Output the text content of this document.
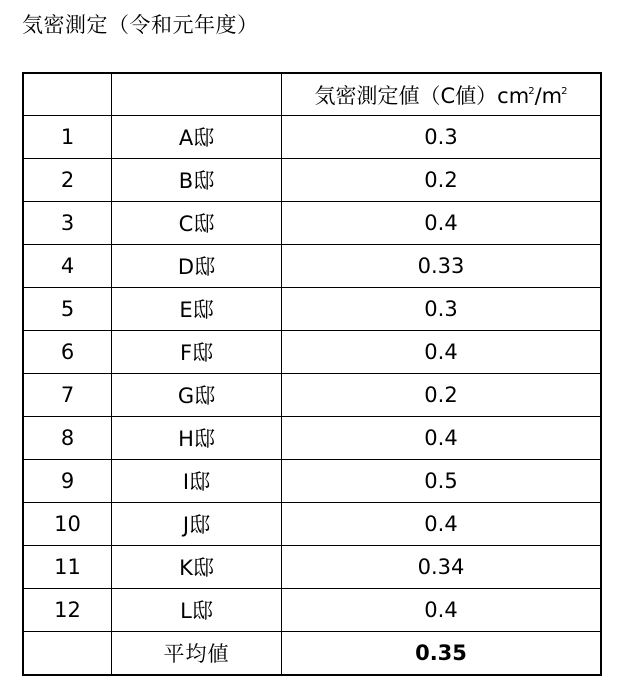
気密測定（令和元年度）
		気密測定値（C値）$cm^2/m^2$
1	A邸	0.3
2	B邸	0.2
3	C邸	0.4
4	D邸	0.33
5	E邸	0.3
6	F邸	0.4
7	G邸	0.2
8	H邸	0.4
9	I邸	0.5
10	J邸	0.4
11	K邸	0.34
12	L邸	0.4
	平均値	0.35
